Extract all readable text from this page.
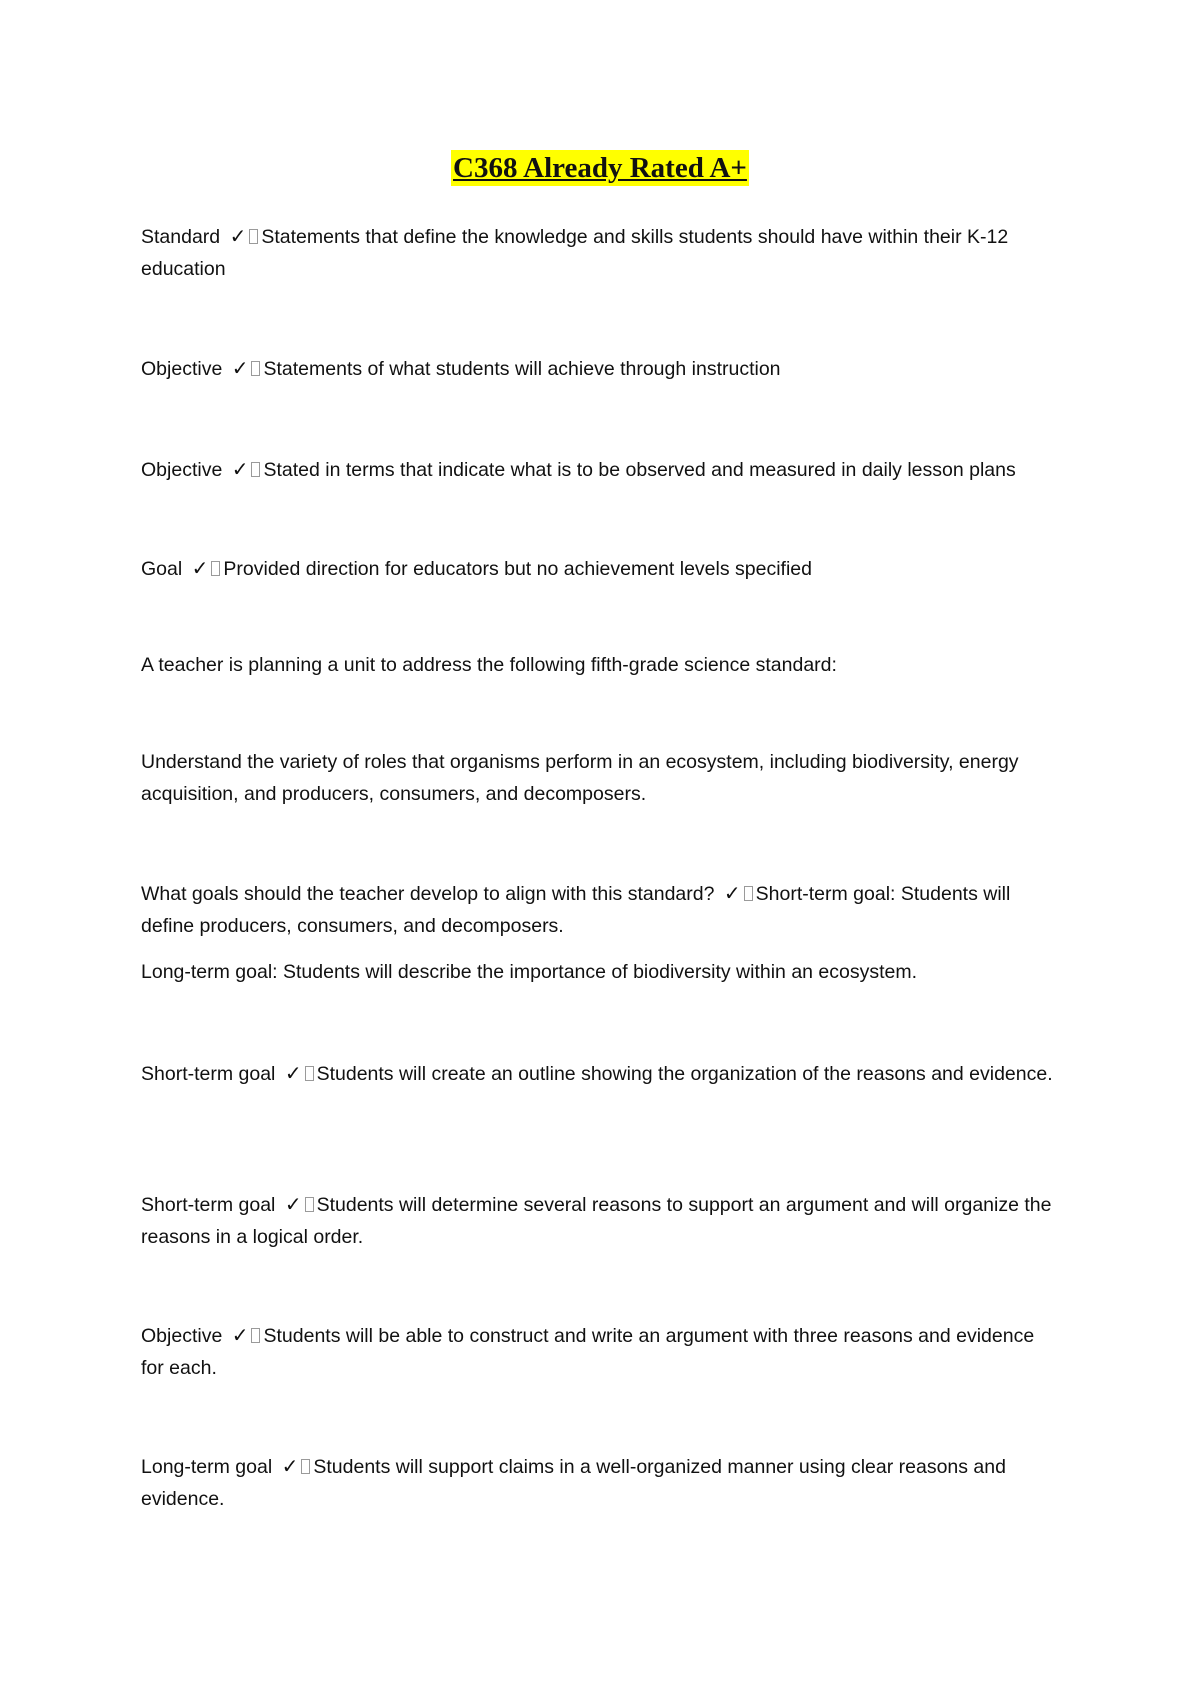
C368 Already Rated A+

Standard ✓ Statements that define the knowledge and skills students should have within their K-12 education

Objective ✓ Statements of what students will achieve through instruction

Objective ✓ Stated in terms that indicate what is to be observed and measured in daily lesson plans

Goal ✓ Provided direction for educators but no achievement levels specified

A teacher is planning a unit to address the following fifth-grade science standard:

Understand the variety of roles that organisms perform in an ecosystem, including biodiversity, energy acquisition, and producers, consumers, and decomposers.

What goals should the teacher develop to align with this standard? ✓ Short-term goal: Students will define producers, consumers, and decomposers.

Long-term goal: Students will describe the importance of biodiversity within an ecosystem.

Short-term goal ✓ Students will create an outline showing the organization of the reasons and evidence.

Short-term goal ✓ Students will determine several reasons to support an argument and will organize the reasons in a logical order.

Objective ✓ Students will be able to construct and write an argument with three reasons and evidence for each.

Long-term goal ✓ Students will support claims in a well-organized manner using clear reasons and evidence.
